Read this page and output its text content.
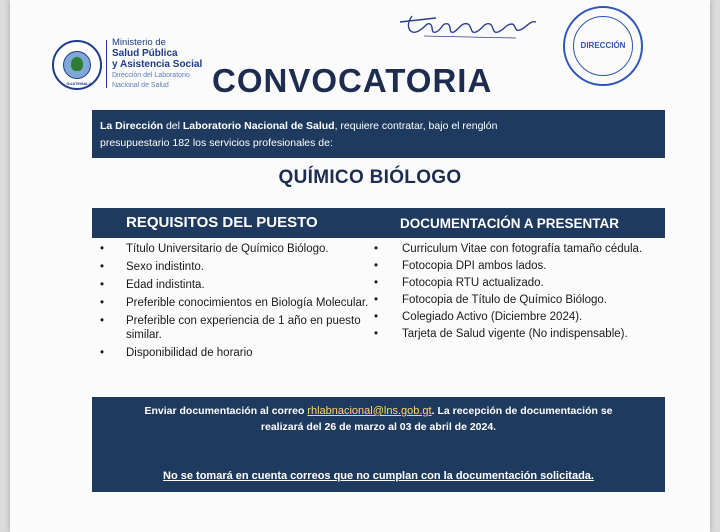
GUATEMALA
Ministerio de
Salud Pública
y Asistencia Social
Dirección del Laboratorio
Nacional de Salud
DIRECCIÓN
CONVOCATORIA
La Dirección del Laboratorio Nacional de Salud, requiere contratar, bajo el renglón
presupuestario 182 los servicios profesionales de:
QUÍMICO BIÓLOGO
REQUISITOS DEL PUESTO	DOCUMENTACIÓN A PRESENTAR
• Título Universitario de Químico Biólogo.
• Sexo indistinto.
• Edad indistinta.
• Preferible conocimientos en Biología Molecular.
• Preferible con experiencia de 1 año en puesto similar.
• Disponibilidad de horario
• Curriculum Vitae con fotografía tamaño cédula.
• Fotocopia DPI ambos lados.
• Fotocopia RTU actualizado.
• Fotocopia de Título de Químico Biólogo.
• Colegiado Activo (Diciembre 2024).
• Tarjeta de Salud vigente (No indispensable).
Enviar documentación al correo rhlabnacional@lns.gob.gt. La recepción de documentación se
realizará del 26 de marzo al 03 de abril de 2024.
No se tomará en cuenta correos que no cumplan con la documentación solicitada.
